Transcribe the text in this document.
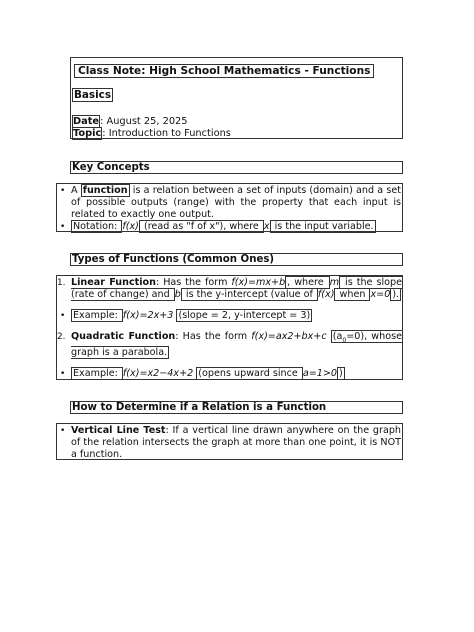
Class Note: High School Mathematics - Functions
Basics
Date: August 25, 2025
Topic: Introduction to Functions
Key Concepts
• A function is a relation between a set of inputs (domain) and a set of possible outputs (range) with the property that each input is related to exactly one output.
• Notation: f(x) (read as "f of x"), where x is the input variable.
Types of Functions (Common Ones)
1. Linear Function: Has the form f(x)=mx+b , where m is the slope (rate of change) and b is the y-intercept (value of f(x) when x=0 ).
• Example: f(x)=2x+3 (slope = 2, y-intercept = 3)
2. Quadratic Function: Has the form f(x)=ax2+bx+c $(a_0=0)$, whose graph is a parabola.
• Example: f(x)=x2−4x+2 (opens upward since a=1>0 )
How to Determine if a Relation is a Function
• Vertical Line Test: If a vertical line drawn anywhere on the graph of the relation intersects the graph at more than one point, it is NOT a function.
